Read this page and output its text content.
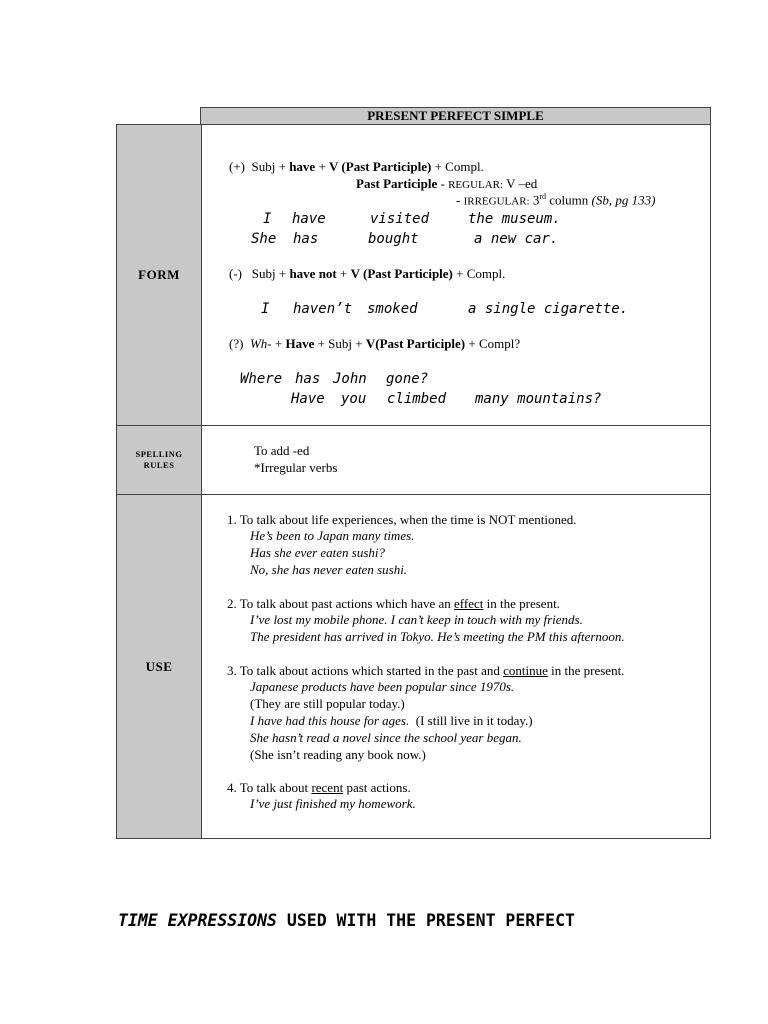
PRESENT PERFECT SIMPLE
FORM
(+) Subj + have + V (Past Participle) + Compl.
Past Participle - REGULAR: V –ed
- IRREGULAR: 3rd column (Sb, pg 133)
I have	visited	the museum.
She has	bought	a new car.
(-) Subj + have not + V (Past Participle) + Compl.
I haven’t smoked	a single cigarette.
(?) Wh- + Have + Subj + V(Past Participle) + Compl?
Where has John gone?
Have you climbed many mountains?
SPELLING
RULES
To add -ed
*Irregular verbs
USE
1. To talk about life experiences, when the time is NOT mentioned.
He’s been to Japan many times.
Has she ever eaten sushi?
No, she has never eaten sushi.
2. To talk about past actions which have an effect in the present.
I’ve lost my mobile phone. I can’t keep in touch with my friends.
The president has arrived in Tokyo. He’s meeting the PM this afternoon.
3. To talk about actions which started in the past and continue in the present.
Japanese products have been popular since 1970s.
(They are still popular today.)
I have had this house for ages. (I still live in it today.)
She hasn’t read a novel since the school year began.
(She isn’t reading any book now.)
4. To talk about recent past actions.
I’ve just finished my homework.
TIME EXPRESSIONS USED WITH THE PRESENT PERFECT
